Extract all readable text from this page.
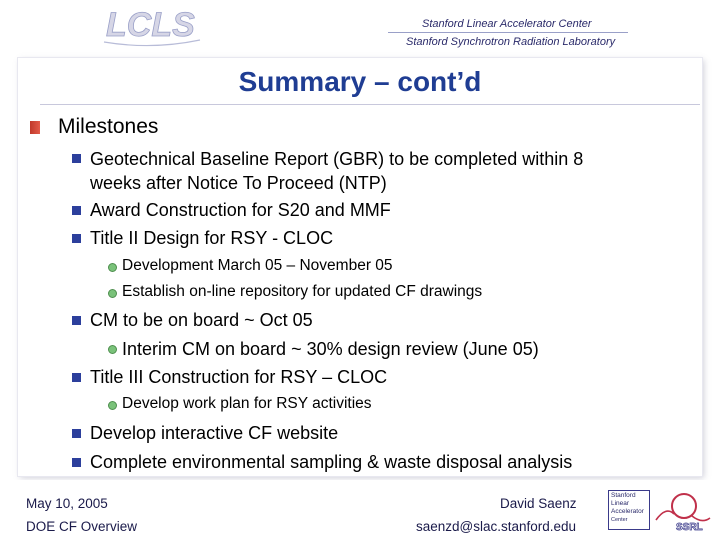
LCLS	Stanford Linear Accelerator Center
Stanford Synchrotron Radiation Laboratory
Summary – cont’d
Milestones
Geotechnical Baseline Report (GBR) to be completed within 8
weeks after Notice To Proceed (NTP)
Award Construction for S20 and MMF
Title II Design for RSY - CLOC
Development March 05 – November 05
Establish on-line repository for updated CF drawings
CM to be on board ~ Oct 05
Interim CM on board ~ 30% design review (June 05)
Title III Construction for RSY – CLOC
Develop work plan for RSY activities
Develop interactive CF website
Complete environmental sampling & waste disposal analysis
May 10, 2005
DOE CF Overview
David Saenz
saenzd@slac.stanford.edu
Stanford
Linear
Accelerator
Center
SSRL
